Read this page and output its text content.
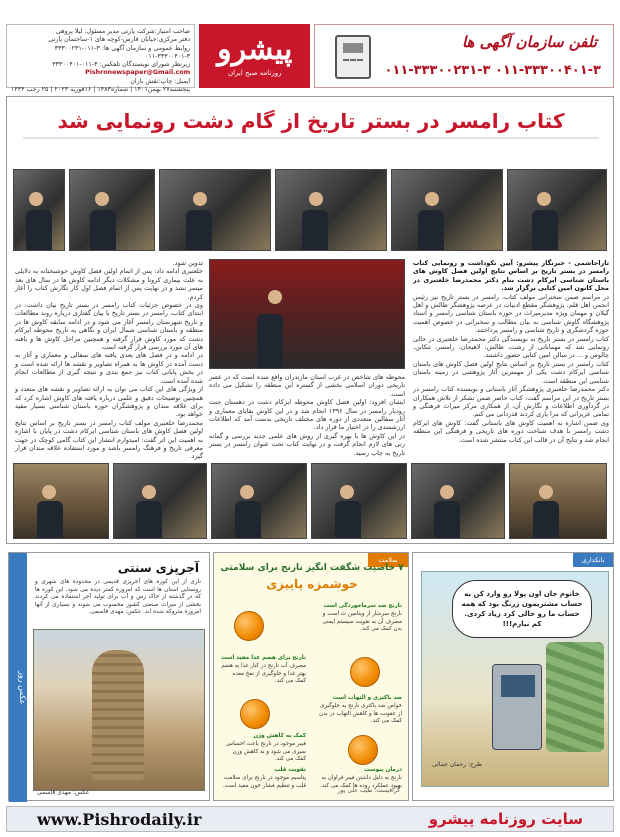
صاحب امتیاز:شرکت پارتی مدیر مسئول: لیلا پروهی
دفتر مرکزی:خیابان فارس-کوچه های ۱-ساختمان پارتی
روابط عمومی و سازمان آگهی ها: ۳-۰۱۱-۳۳۳۰۰۲۳۱
۰۱۱-۳۳۳۰۰۴۰۱-۳
زیرنظر شورای نویسندگان تلفکس: ۳-۰۱۱-۳۳۳۰۰۴۰۱
Pishronewspaper@Gmail.com
ایمیل: چاپ:نقش باران
پنجشنبه۲۷ بهمن۱۴۰۱ | شماره۱۴۸۳ | ۱۶فوریه ۲۰۲۳ | ۲۵ رجب ۱۴۴۴
پیشرو
روزنامه صبح ایران
تلفن سازمان آگهی ها
۰۱۱-۳۳۳۰۰۲۳۱-۳ ۰۱۱-۳۳۳۰۰۴۰۱-۳
کتاب رامسر در بستر تاریخ از گام دشت رونمایی شد

ثاراحاشمی - خبرنگار پیشرو: آیین نکوداشت و رونمایی کتاب رامسر در بستر تاریخ بر اساس نتایج اولین فصل کاوش های باستان شناسی ایرکام دشت بنام دکتر محمدرضا خلعتبری در محل کانون امین کتابی برگزار شد.

در مراسم ضمن سخنرانی مولف کتاب، رامسر در بستر تاریخ نیز رئیس انجمن اهل قلم، پژوهشگر مقطع ادبیات در عرصه پژوهشگر طالش و اهل گیلان و مهمان ویژه مدیرمیراث در حوزه باستان شناسی رامسر و استاد پژوهشگاه گاوش شناسی به بیان مطالب و سخنرانی در خصوص اهمیت حوزه گردشگری و تاریخ شناسی و رامسر پرداختند.

کتاب رامسر در بستر تاریخ به نویسندگی دکتر محمدرضا خلعتبری در حالی رونمایی شد که مهمانانی از رشت، طالش، لاهیجان، رامسر، تنکابن، چالوس و ... در سالن امین کتابی حضور داشتند.

کتاب رامسر در بستر تاریخ بر اساس نتایج اولین فصل کاوش های باستان شناسی ایرکام دشت یکی از مهمترین آثار پژوهشی در زمینه باستان شناسی این منطقه است.

دکتر محمدرضا خلعتبری پژوهشگر آثار باستانی و نویسنده کتاب رامسر در بستر تاریخ در این مراسم گفت: کتاب حاضر ضمن تشکر از تلاش همکاران در گردآوری اطلاعات و نگارش آن، از همکاری مرکز میراث فرهنگی و تمامی عزیزانی که مرا یاری کردند قدردانی می کنم.

وی ضمن اشاره به اهمیت کاوش های باستانی گفت: کاوش های ایرکام دشت رامسر با هدف شناخت دوره های تاریخی و فرهنگی این منطقه انجام شد و نتایج آن در قالب این کتاب منتشر شده است.

محوطه های شاخص در غرب استان مازندران واقع شده است که در عصر تاریخی دوران اسلامی بخشی از گستره این منطقه را تشکیل می داده است.

ایشان افزود: اولین فصل کاوش محوطه ایرکام دشت در دهستان جنت رودبار رامسر در سال ۱۳۹۶ انجام شد و در این کاوش بقایای معماری و آثار سفالین متعددی از دوره های مختلف تاریخی بدست آمد که اطلاعات ارزشمندی را در اختیار ما قرار داد.

در این کاوش ها با بهره گیری از روش های علمی جدید بررسی و گمانه زنی های لازم انجام گرفت و در نهایت کتاب تحت عنوان رامسر در بستر تاریخ به چاپ رسید.

تدوین شود.

خلعتبری ادامه داد: پس از اتمام اولین فصل کاوش خوشبختانه به دلایلی به علت بیماری کرونا و مشکلات دیگر ادامه کاوش ها در سال های بعد میسر نشد و در نهایت پس از اتمام فصل اول کار نگارش کتاب را آغاز کردم.

وی در خصوص جزئیات کتاب رامسر در بستر تاریخ بیان داشت: در ابتدای کتاب، رامسر در بستر تاریخ با بیان گفتاری درباره روند مطالعات و تاریخ شهرستان رامسر آغاز می شود و در ادامه سابقه کاوش ها در منطقه و باستان شناسی شمال ایران و نگاهی به تاریخ محوطه ایرکام دشت که مورد کاوش قرار گرفته و همچنین مراحل کاوش ها و یافته های آن مورد بررسی قرار گرفته است.

در ادامه و در فصل های بعدی یافته های سفالی و معماری و آثار به دست آمده در کاوش ها به همراه تصاویر و نقشه ها ارائه شده است و در بخش پایانی کتاب نیز جمع بندی و نتیجه گیری از مطالعات انجام شده آمده است.

از ویژگی های این کتاب می توان به ارائه تصاویر و نقشه های متعدد و همچنین توضیحات دقیق و علمی درباره یافته های کاوش اشاره کرد که برای علاقه مندان و پژوهشگران حوزه باستان شناسی بسیار مفید خواهد بود.

محمدرضا خلعتبری مولف کتاب رامسر در بستر تاریخ بر اساس نتایج اولین فصل کاوش های باستان شناسی ایرکام دشت در پایان با اشاره به اهمیت این اثر گفت: امیدوارم انتشار این کتاب گامی کوچک در جهت معرفی تاریخ و فرهنگ رامسر باشد و مورد استفاده علاقه مندان قرار گیرد.

بانکداری
خانوم جان اون پولا رو وارد کن به حساب مشتریمون زرنگ بود که همه حساب ما رو خالی کرد زیاد کردی. کم نیارم!!!
طرح: رحمان جمالی
سلامت
۷ خاصیت شگفت انگیز نارنج برای سلامتی
خوشمزه پاییزی
نارنج ضد سرماخوردگی است
نارنج سرشار از ویتامین ث است و مصرف آن به تقویت سیستم ایمنی بدن کمک می کند.
نارنج برای هضم غذا مفید است
مصرف آب نارنج در کنار غذا به هضم بهتر غذا و جلوگیری از نفخ معده کمک می کند.
ضد باکتری و التهاب است
خواص ضد باکتری نارنج به جلوگیری از عفونت ها و کاهش التهاب در بدن کمک می کند.
کمک به کاهش وزن
فیبر موجود در نارنج باعث احساس سیری می شود و به کاهش وزن کمک می کند.
درمان یبوست
نارنج به دلیل داشتن فیبر فراوان به بهبود عملکرد روده ها کمک می کند.
تقویت قلب
پتاسیم موجود در نارنج برای سلامت قلب و تنظیم فشار خون مفید است.
گرافیست: طیب علی پور
عکس روز
آجرپزی سنتی
نازی از این کوره های آجرپزی قدیمی در محدوده های شهری و روستایی استان ها است که امروزه کمتر دیده می شود. این کوره ها که در گذشته از خاک رس و آب برای تولید آجر استفاده می کردند بخشی از میراث صنعتی کشور محسوب می شوند و بسیاری از آنها امروزه متروکه شده اند. عکس: مهدی قاسمی.
عکس: مهدی قاسمی
www.Pishrodaily.ir	سایت روزنامه پیشرو
